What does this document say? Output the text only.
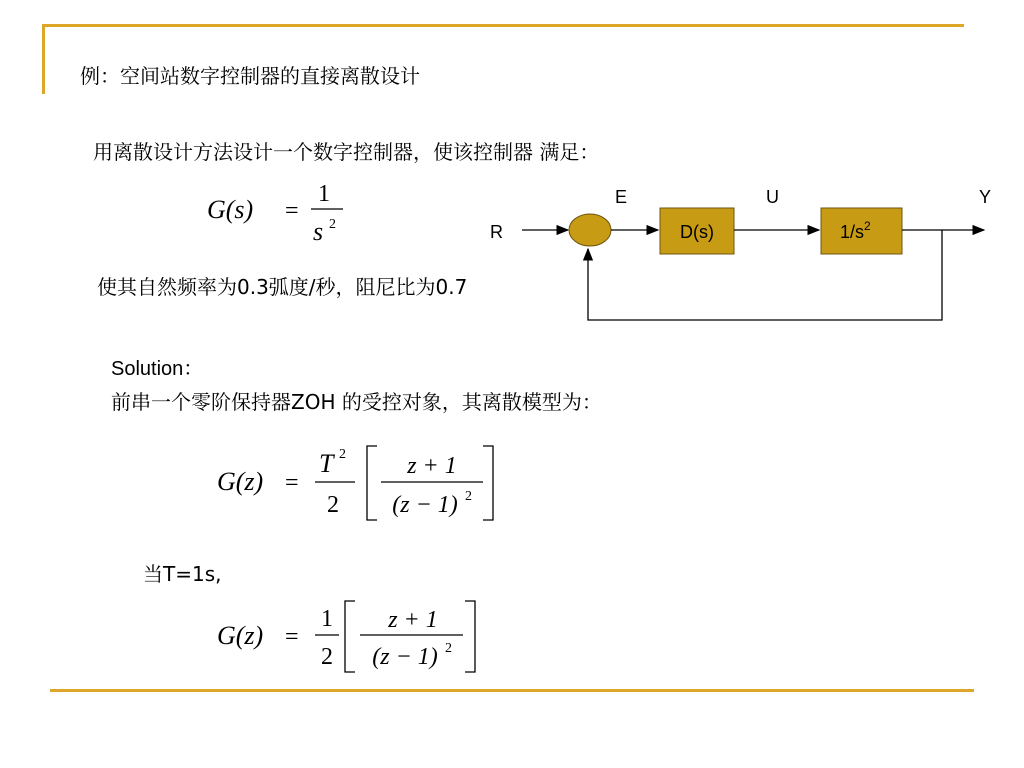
例：空间站数字控制器的直接离散设计
用离散设计方法设计一个数字控制器，使该控制器 满足：
G(s) =
1
s 2	R
E
D(s)
U
$1/s^2$
Y
使其自然频率为0.3弧度/秒，阻尼比为0.7
Solution：
前串一个零阶保持器ZOH 的受控对象，其离散模型为：
G(z) =
T 2
2
z + 1
(z − 1) 2
当T=1s,
G(z) =
1
2
z + 1
(z − 1) 2
